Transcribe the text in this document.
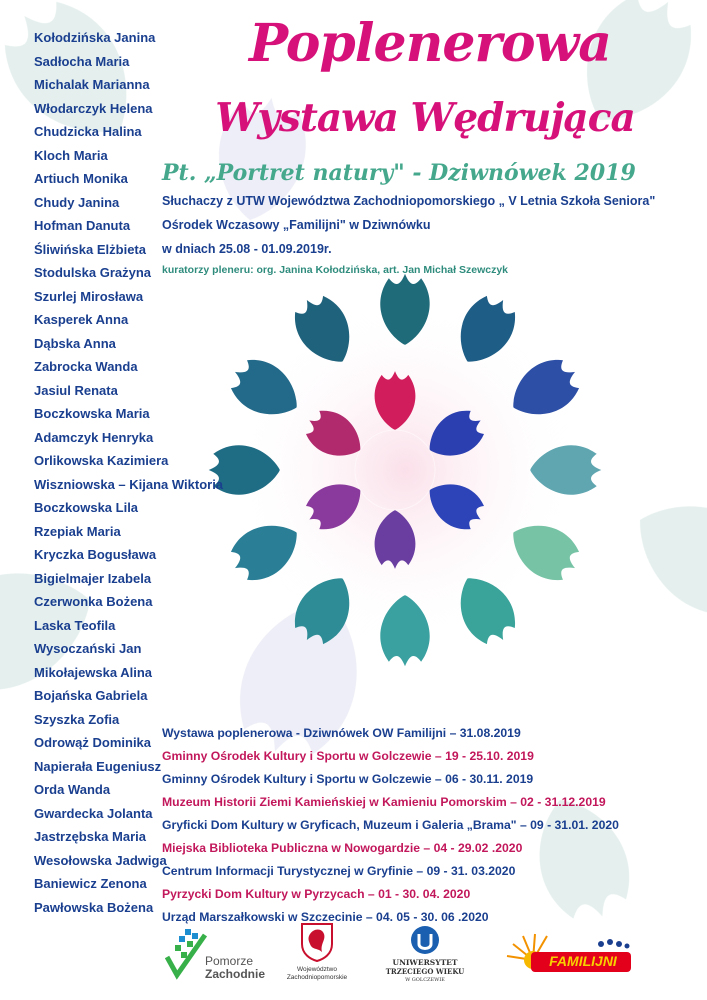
Kołodzińska Janina
Sadłocha Maria
Michalak Marianna
Włodarczyk Helena
Chudzicka Halina
Kloch Maria
Artiuch Monika
Chudy Janina
Hofman Danuta
Śliwińska Elżbieta
Stodulska Grażyna
Szurlej Mirosława
Kasperek Anna
Dąbska Anna
Zabrocka Wanda
Jasiul Renata
Boczkowska Maria
Adamczyk Henryka
Orlikowska Kazimiera
Wiszniowska – Kijana Wiktoria
Boczkowska Lila
Rzepiak Maria
Kryczka Bogusława
Bigielmajer Izabela
Czerwonka Bożena
Laska Teofila
Wysoczański Jan
Mikołajewska Alina
Bojańska Gabriela
Szyszka Zofia
Odrowąż Dominika
Napierała Eugeniusz
Orda Wanda
Gwardecka Jolanta
Jastrzębska Maria
Wesołowska Jadwiga
Baniewicz Zenona
Pawłowska Bożena
Poplenerowa
Wystawa Wędrująca
Pt. „Portret natury" - Dziwnówek 2019
Słuchaczy z UTW Województwa Zachodniopomorskiego „ V Letnia Szkoła Seniora"
Ośrodek Wczasowy „Familijni" w Dziwnówku
w dniach 25.08 - 01.09.2019r.
kuratorzy pleneru: org. Janina Kołodzińska, art. Jan Michał Szewczyk
Wystawa poplenerowa - Dziwnówek OW Familijni – 31.08.2019
Gminny Ośrodek Kultury i Sportu w Golczewie – 19 - 25.10. 2019
Gminny Ośrodek Kultury i Sportu w Golczewie – 06 - 30.11. 2019
Muzeum Historii Ziemi Kamieńskiej w Kamieniu Pomorskim – 02 - 31.12.2019
Gryficki Dom Kultury w Gryficach, Muzeum i Galeria „Brama" – 09 - 31.01. 2020
Miejska Biblioteka Publiczna w Nowogardzie – 04 - 29.02 .2020
Centrum Informacji Turystycznej w Gryfinie – 09 - 31. 03.2020
Pyrzycki Dom Kultury w Pyrzycach – 01 - 30. 04. 2020
Urząd Marszałkowski w Szczecinie – 04. 05 - 30. 06 .2020
Pomorze
Zachodnie	Województwo
Zachodniopomorskie
UNIWERSYTET
TRZECIEGO WIEKU
W GOLCZEWIE
FAMILIJNI
